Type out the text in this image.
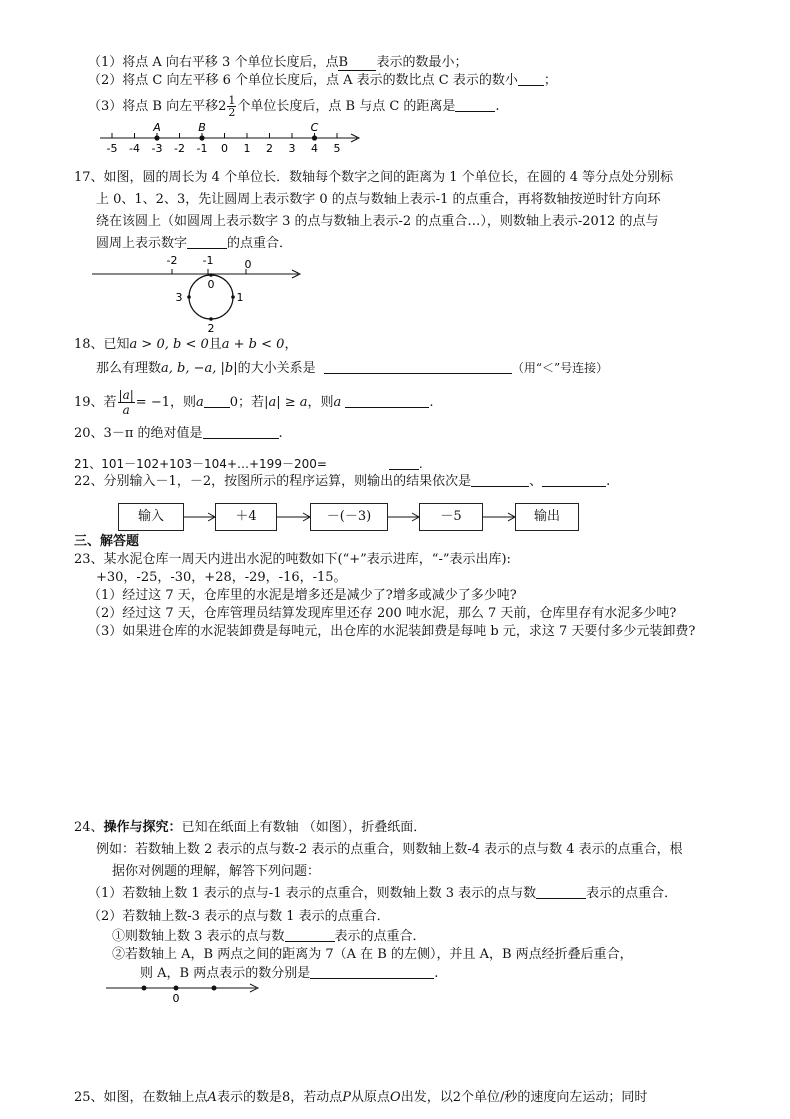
（1）将点 A 向右平移 3 个单位长度后，点B 表示的数最小；
（2）将点 C 向左平移 6 个单位长度后，点 A 表示的数比点 C 表示的数小 ；
（3）将点 B 向左平移$2 \frac{1}{2}$ 个单位长度后，点 B 与点 C 的距离是	.
-5 -4 -3 -2 -1 0 1 2 3 4 5
A	B	C
17、如图，圆的周长为 4 个单位长．数轴每个数字之间的距离为 1 个单位长，在圆的 4 等分点处分别标
上 0、1、2、3，先让圆周上表示数字 0 的点与数轴上表示-1 的点重合，再将数轴按逆时针方向环
绕在该圆上（如圆周上表示数字 3 的点与数轴上表示-2 的点重合…），则数轴上表示-2012 的点与
圆周上表示数字	的点重合．
-2 -1	0
0
1
2
3
18、已知a > 0, b < 0且a + b < 0，
那么有理数a, b, −a, |b|的大小关系是	（用“＜”号连接）
19、若 $\frac{|a|}{a} = -1$，则a 0；若|a| ≥ a，则a	.
20、3－π 的绝对值是	.
21、101－102+103－104+…+199－200=	.
22、分别输入－1，－2，按图所示的程序运算，则输出的结果依次是	、	.
输入	＋4	－(－3)	－5	输出
三、解答题
23、某水泥仓库一周天内进出水泥的吨数如下(“+”表示进库，“-”表示出库):
+30，-25，-30，+28，-29，-16，-15。
（1）经过这 7 天，仓库里的水泥是增多还是减少了?增多或减少了多少吨?
（2）经过这 7 天，仓库管理员结算发现库里还存 200 吨水泥，那么 7 天前，仓库里存有水泥多少吨?
（3）如果进仓库的水泥装卸费是每吨元，出仓库的水泥装卸费是每吨 b 元，求这 7 天要付多少元装卸费?
24、操作与探究：已知在纸面上有数轴 （如图），折叠纸面．
例如：若数轴上数 2 表示的点与数-2 表示的点重合，则数轴上数-4 表示的点与数 4 表示的点重合，根
据你对例题的理解，解答下列问题：
（1）若数轴上数 1 表示的点与-1 表示的点重合，则数轴上数 3 表示的点与数	表示的点重合．
（2）若数轴上数-3 表示的点与数 1 表示的点重合．
①则数轴上数 3 表示的点与数	表示的点重合．
②若数轴上 A，B 两点之间的距离为 7（A 在 B 的左侧），并且 A，B 两点经折叠后重合，
则 A，B 两点表示的数分别是	.
0
25、如图，在数轴上点A表示的数是8，若动点P从原点O出发，以2个单位/秒的速度向左运动；同时
